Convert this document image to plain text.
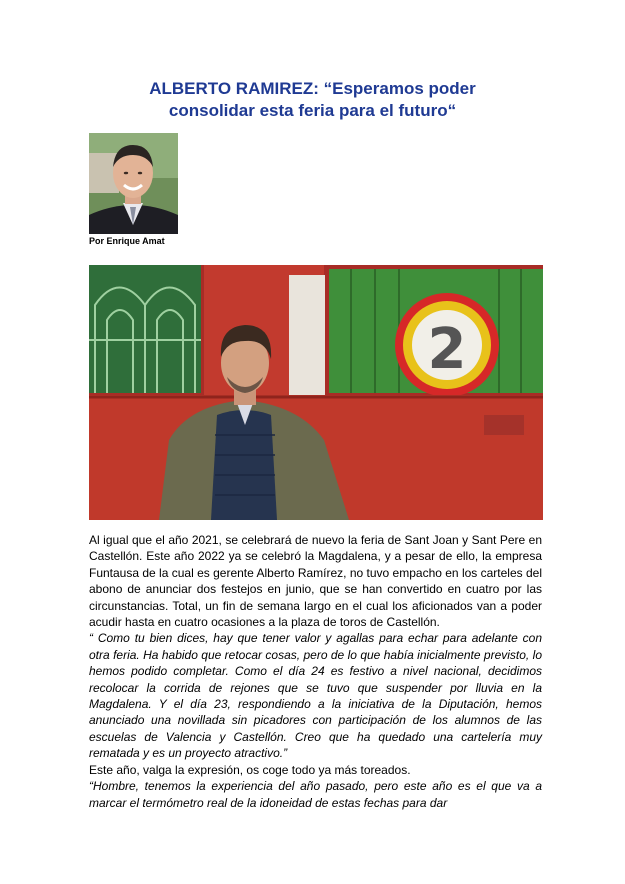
ALBERTO RAMIREZ: “Esperamos poder
consolidar esta feria para el futuro“
Por Enrique Amat
2

Al igual que el año 2021, se celebrará de nuevo la feria de Sant Joan y Sant Pere en Castellón. Este año 2022 ya se celebró la Magdalena, y a pesar de ello, la empresa Funtausa de la cual es gerente Alberto Ramírez, no tuvo empacho en los carteles del abono de anunciar dos festejos en junio, que se han convertido en cuatro por las circunstancias. Total, un fin de semana largo en el cual los aficionados van a poder acudir hasta en cuatro ocasiones a la plaza de toros de Castellón.

“ Como tu bien dices, hay que tener valor y agallas para echar para adelante con otra feria. Ha habido que retocar cosas, pero de lo que había inicialmente previsto, lo hemos podido completar. Como el día 24 es festivo a nivel nacional, decidimos recolocar la corrida de rejones que se tuvo que suspender por lluvia en la Magdalena. Y el día 23, respondiendo a la iniciativa de la Diputación, hemos anunciado una novillada sin picadores con participación de los alumnos de las escuelas de Valencia y Castellón. Creo que ha quedado una cartelería muy rematada y es un proyecto atractivo.”

Este año, valga la expresión, os coge todo ya más toreados.

“Hombre, tenemos la experiencia del año pasado, pero este año es el que va a marcar el termómetro real de la idoneidad de estas fechas para dar
